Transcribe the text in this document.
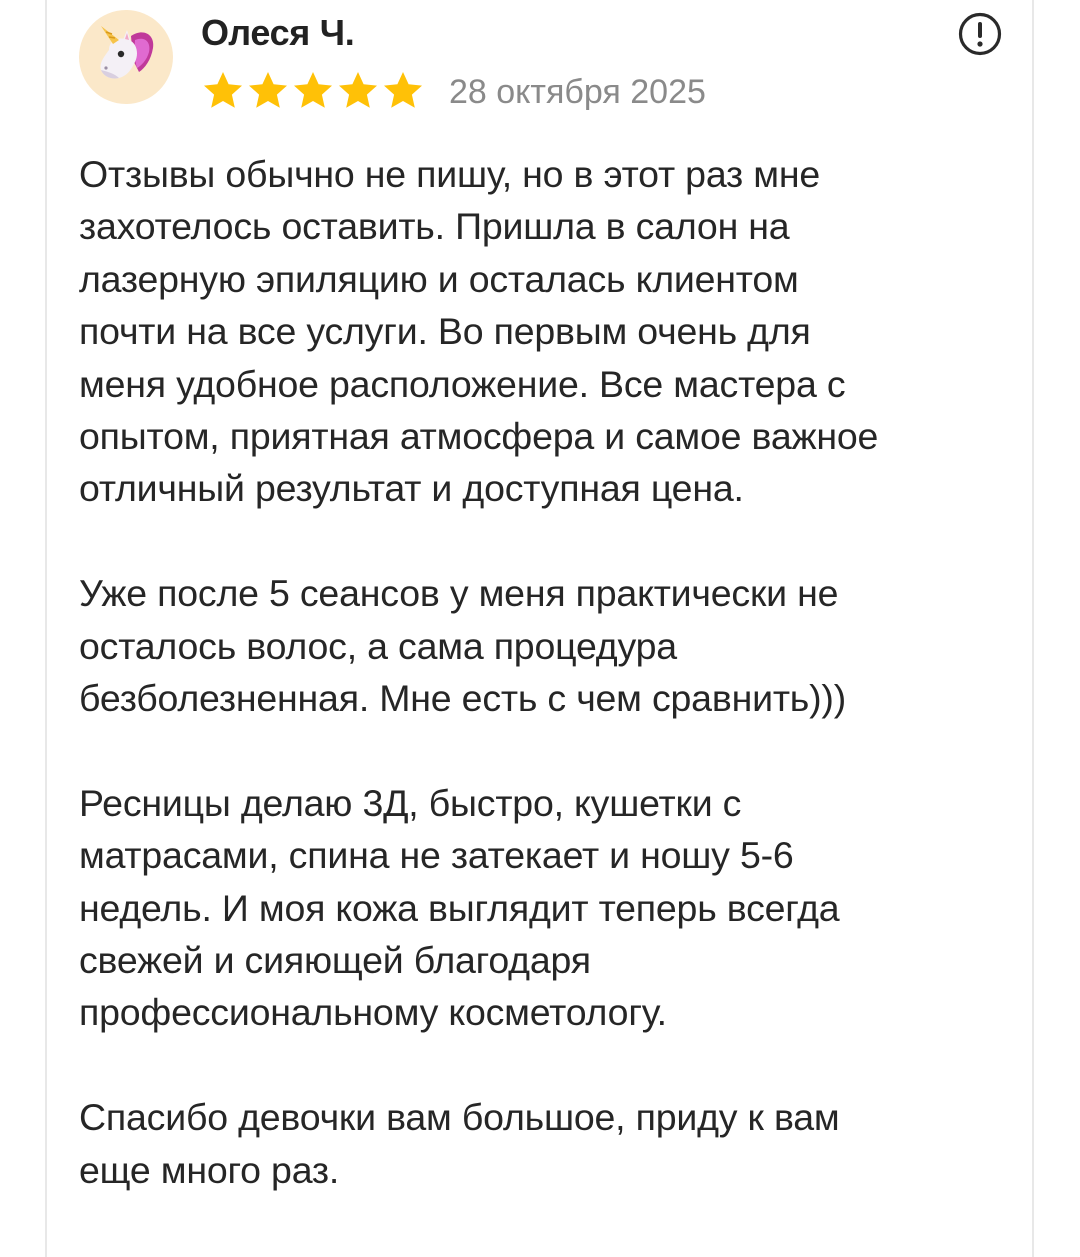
Олеся Ч.
28 октября 2025

Отзывы обычно не пишу, но в этот раз мне
захотелось оставить. Пришла в салон на
лазерную эпиляцию и осталась клиентом
почти на все услуги. Во первым очень для
меня удобное расположение. Все мастера с
опытом, приятная атмосфера и самое важное
отличный результат и доступная цена.

Уже после 5 сеансов у меня практически не
осталось волос, а сама процедура
безболезненная. Мне есть с чем сравнить)))

Ресницы делаю 3Д, быстро, кушетки с
матрасами, спина не затекает и ношу 5-6
недель. И моя кожа выглядит теперь всегда
свежей и сияющей благодаря
профессиональному косметологу.

Спасибо девочки вам большое, приду к вам
еще много раз.
